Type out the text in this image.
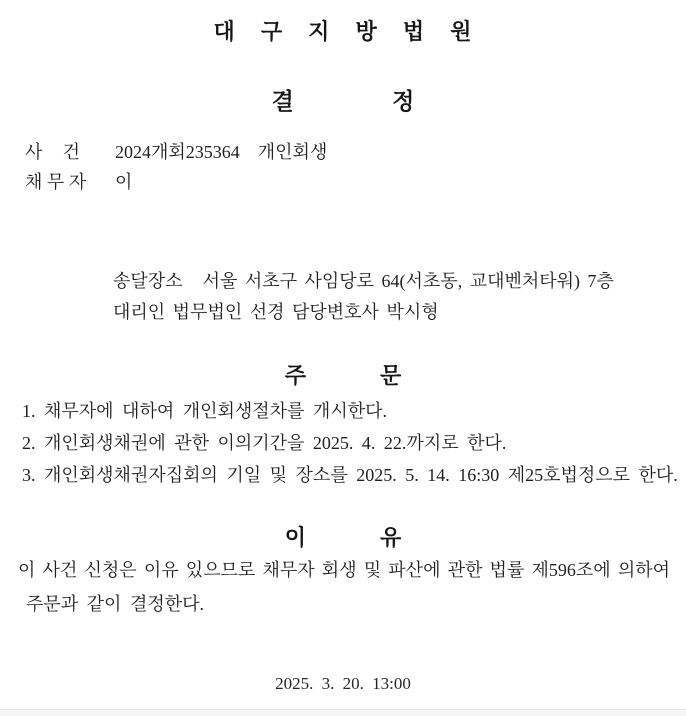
대 구 지 방 법 원
결 정
사 건 2024개회235364 개인회생
채 무 자 이
송달장소 서울 서초구 사임당로 64(서초동, 교대벤처타워) 7층
대리인 법무법인 선경 담당변호사 박시형
주 문
1. 채무자에 대하여 개인회생절차를 개시한다.
2. 개인회생채권에 관한 이의기간을 2025. 4. 22.까지로 한다.
3. 개인회생채권자집회의 기일 및 장소를 2025. 5. 14. 16:30 제25호법정으로 한다.
이 유
이 사건 신청은 이유 있으므로 채무자 회생 및 파산에 관한 법률 제596조에 의하여
주문과 같이 결정한다.
2025. 3. 20. 13:00
